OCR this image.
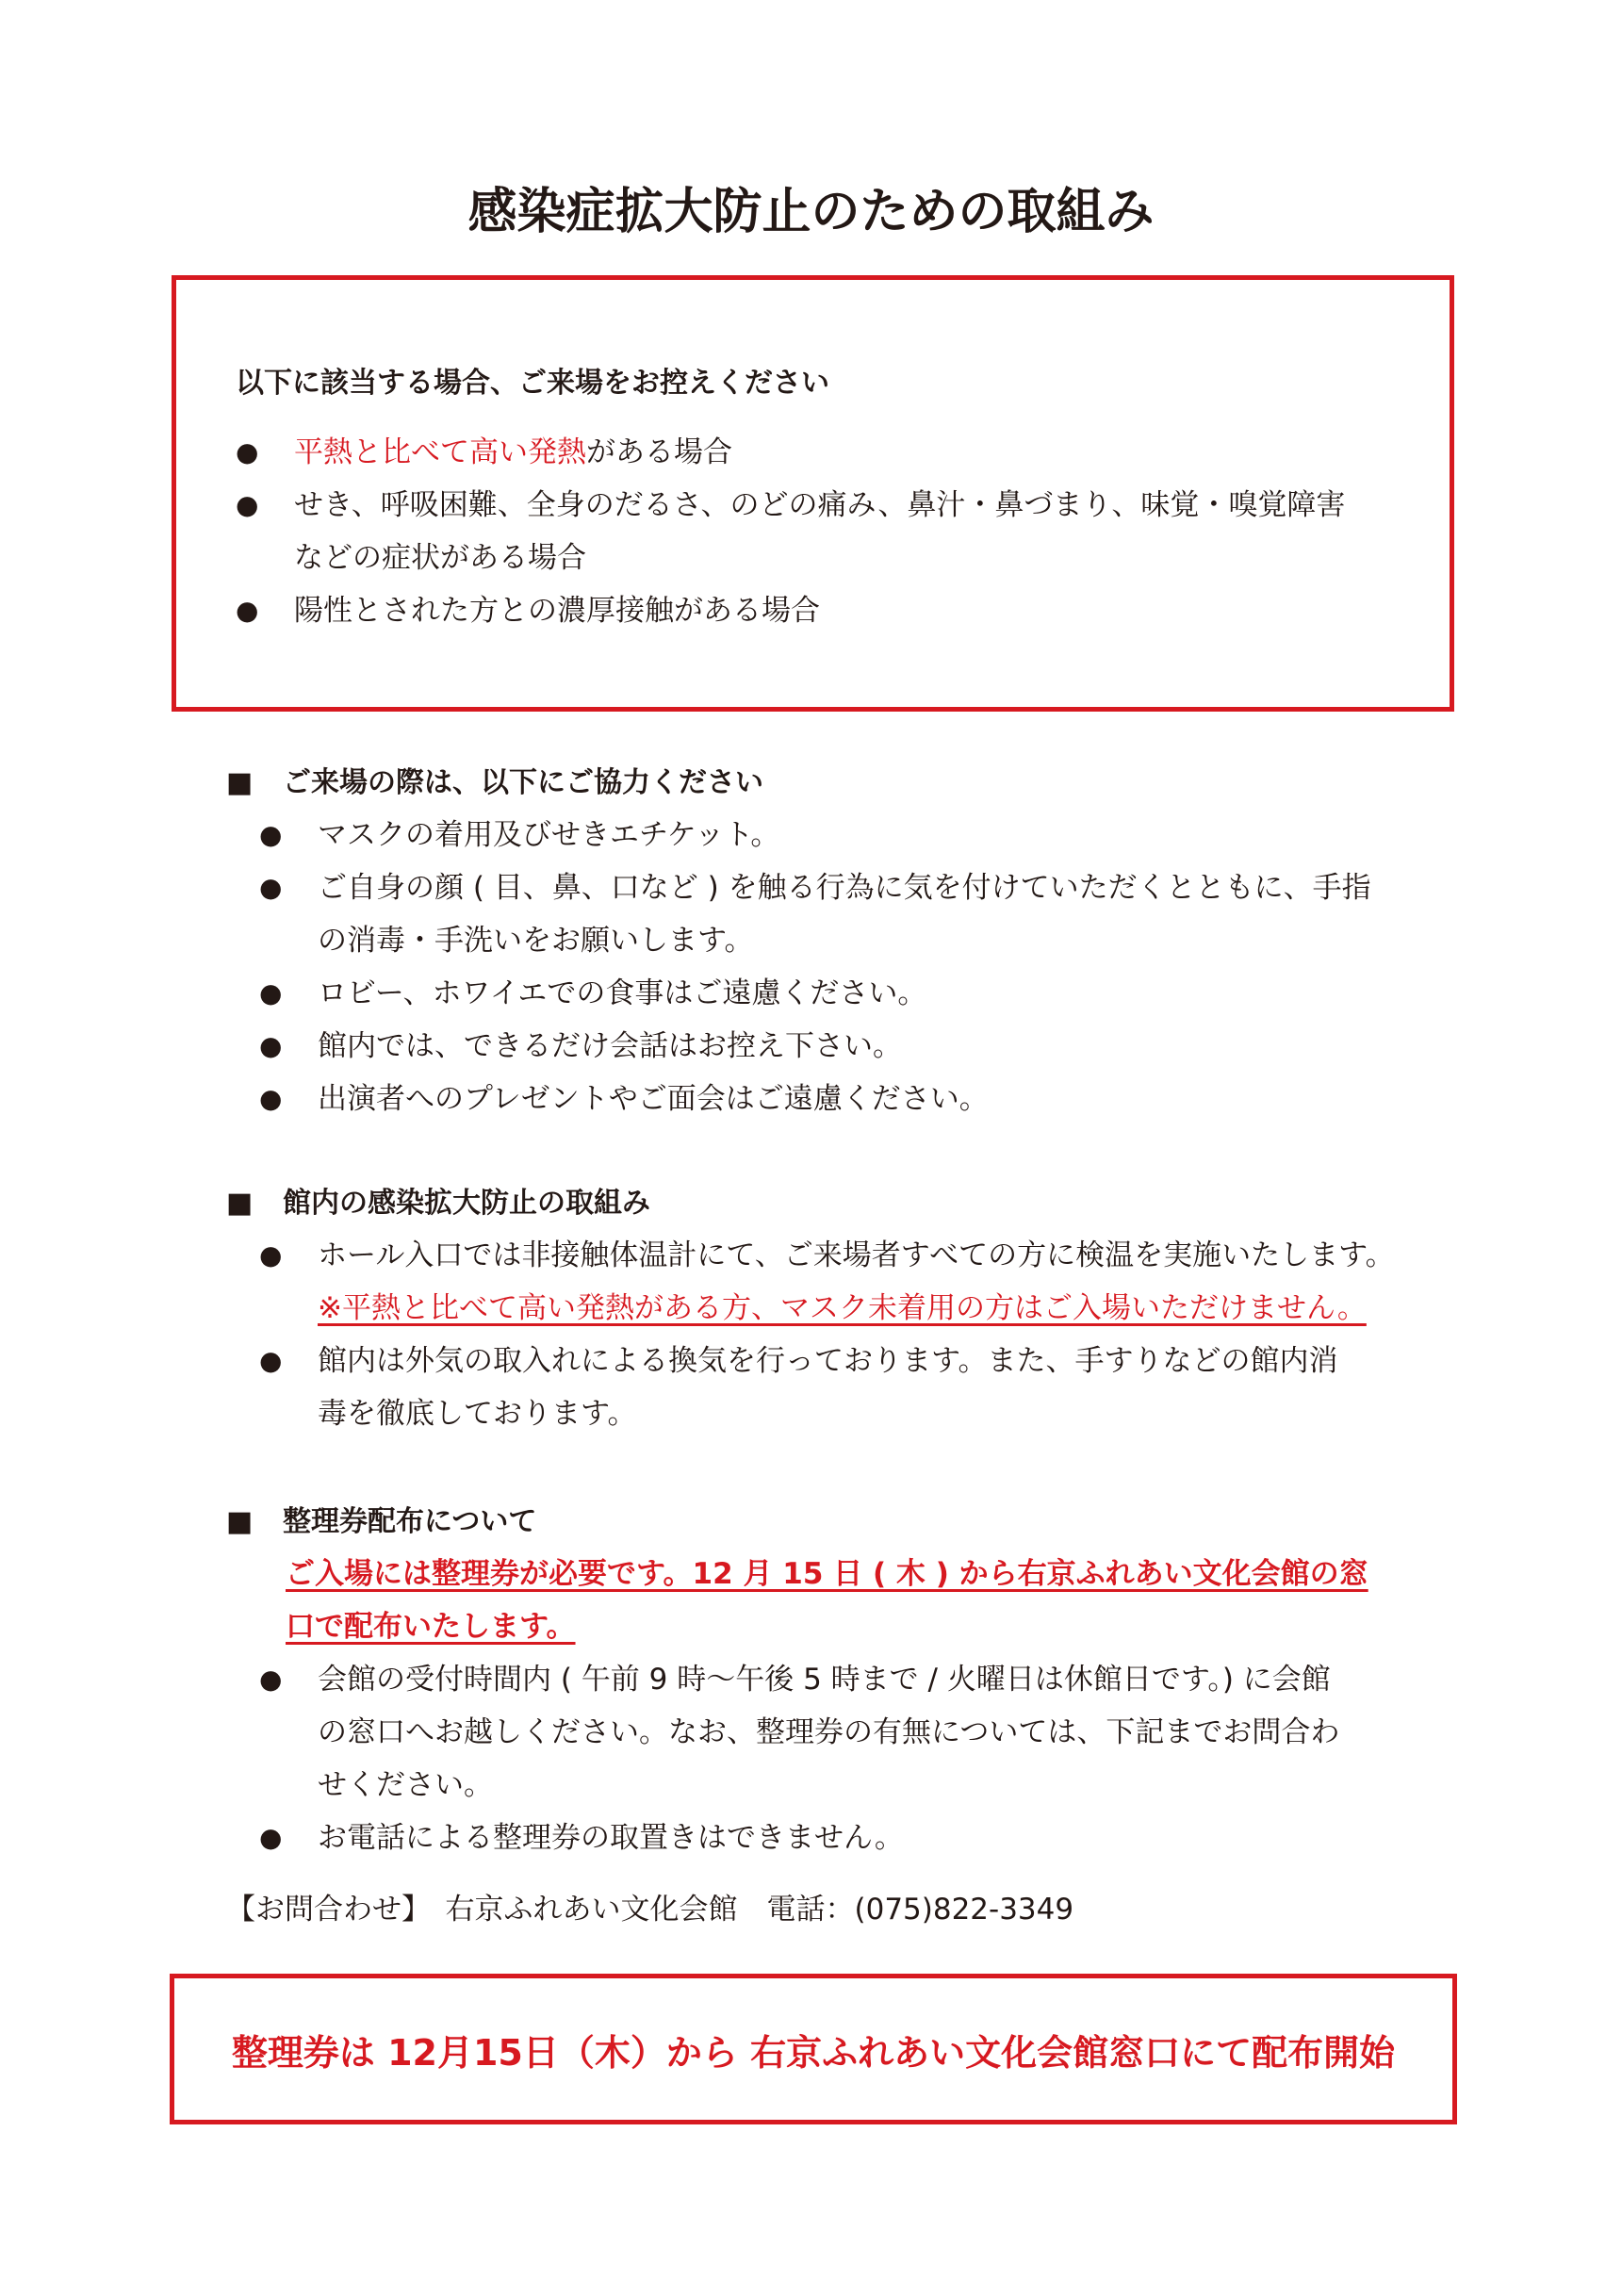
感染症拡大防止のための取組み
以下に該当する場合、ご来場をお控えください
● 平熱と比べて高い発熱がある場合
● せき、呼吸困難、全身のだるさ、のどの痛み、鼻汁・鼻づまり、味覚・嗅覚障害
などの症状がある場合
● 陽性とされた方との濃厚接触がある場合
■ ご来場の際は、以下にご協力ください
● マスクの着用及びせきエチケット。
● ご自身の顔 ( 目、鼻、口など ) を触る行為に気を付けていただくとともに、手指
の消毒・手洗いをお願いします。
● ロビー、ホワイエでの食事はご遠慮ください。
● 館内では、できるだけ会話はお控え下さい。
● 出演者へのプレゼントやご面会はご遠慮ください。
■ 館内の感染拡大防止の取組み
● ホール入口では非接触体温計にて、ご来場者すべての方に検温を実施いたします。
※平熱と比べて高い発熱がある方、マスク未着用の方はご入場いただけません。
● 館内は外気の取入れによる換気を行っております。また、手すりなどの館内消
毒を徹底しております。
■ 整理券配布について
ご入場には整理券が必要です。12 月 15 日 ( 木 ) から右京ふれあい文化会館の窓
口で配布いたします。
● 会館の受付時間内 ( 午前 9 時～午後 5 時まで / 火曜日は休館日です。) に会館
の窓口へお越しください。なお、整理券の有無については、下記までお問合わ
せください。
● お電話による整理券の取置きはできません。
【お問合わせ】　右京ふれあい文化会館　電話：(075)822-3349
整理券は 12月15日（木）から 右京ふれあい文化会館窓口にて配布開始
